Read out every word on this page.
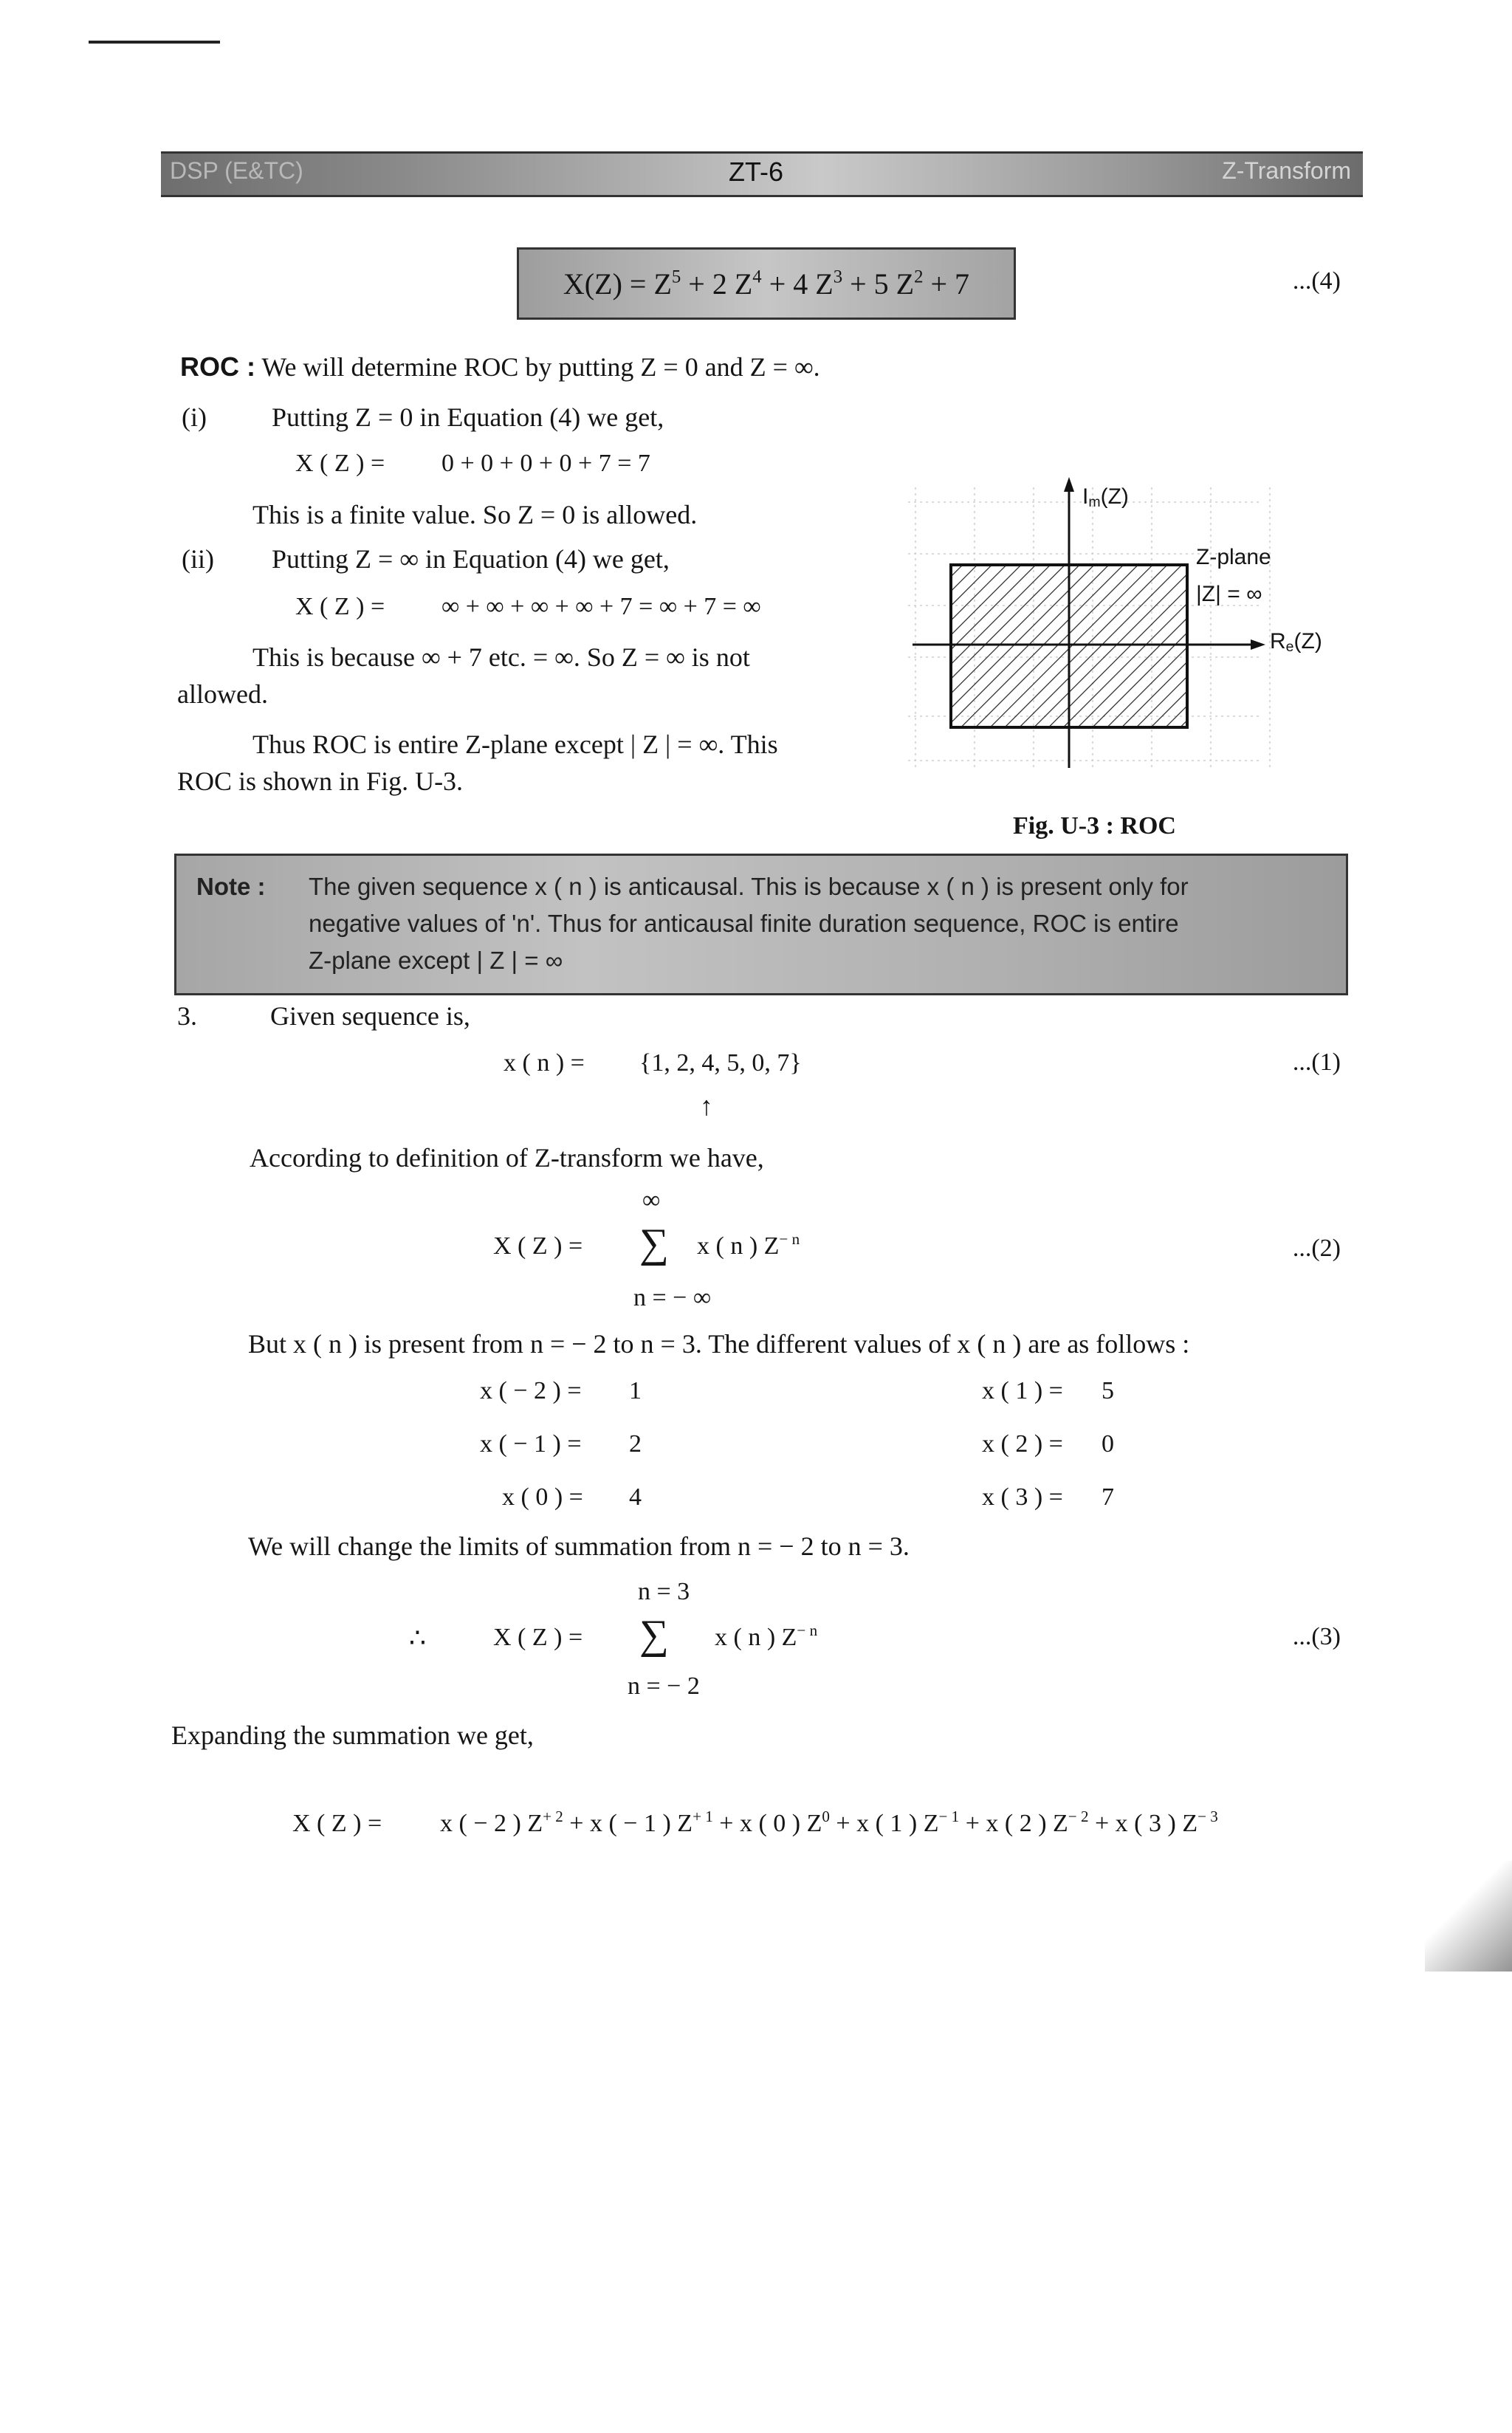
DSP (E&TC)	ZT-6	Z-Transform
$X(Z) = Z^5 + 2$ $Z^4 + 4$ $Z^3 + 5$ $Z^2 + 7$	...(4)
ROC : We will determine ROC by putting Z = 0 and Z = ∞.
(i) Putting Z = 0 in Equation (4) we get,
X ( Z ) = 0 + 0 + 0 + 0 + 7 = 7
This is a finite value. So Z = 0 is allowed.
(ii) Putting Z = ∞ in Equation (4) we get,
X ( Z ) = ∞ + ∞ + ∞ + ∞ + 7 = ∞ + 7 = ∞
This is because ∞ + 7 etc. = ∞. So Z = ∞ is not
allowed.
Thus ROC is entire Z-plane except | Z | = ∞. This
ROC is shown in Fig. U-3.
$I_m(Z)$
Z-plane
|Z| = ∞
$R_e(Z)$
Fig. U-3 : ROC
Note : The given sequence x ( n ) is anticausal. This is because x ( n ) is present only for
negative values of 'n'. Thus for anticausal finite duration sequence, ROC is entire
Z-plane except | Z | = ∞
3.	Given sequence is,
x ( n ) = {1, 2, 4, 5, 0, 7}
↑
...(1)
According to definition of Z-transform we have,
∞
X ( Z ) = ∑ x ( n ) $Z^{- n}$
n = − ∞
...(2)
But x ( n ) is present from n = − 2 to n = 3. The different values of x ( n ) are as follows :
x ( − 2 ) = 1
x ( − 1 ) = 2
x ( 0 ) = 4
x ( 1 ) = 5
x ( 2 ) = 0
x ( 3 ) = 7
We will change the limits of summation from n = − 2 to n = 3.
n = 3
∴	X ( Z ) = ∑ x ( n ) $Z^{- n}$
n = − 2
...(3)
Expanding the summation we get,
X ( Z ) = x ( − 2 ) $Z^{+ 2} + x$ ( − 1 ) $Z^{+ 1} + x$ ( 0 ) $Z^0 + x$ ( 1 ) $Z^{- 1} + x$ ( 2 ) $Z^{- 2} + x$ ( 3 ) $Z^{- 3}$
